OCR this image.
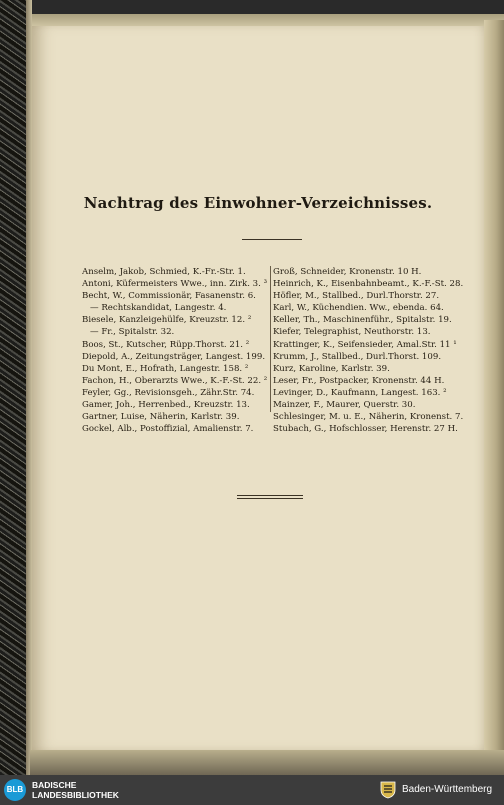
Nachtrag des Einwohner-Verzeichnisses.
Anselm, Jakob, Schmied, K.-Fr.-Str. 1.
Antoni, Küfermeisters Wwe., inn. Zirk. 3. ³
Becht, W., Commissionär, Fasanenstr. 6.
— Rechtskandidat, Langestr. 4.
Biesele, Kanzleigehülfe, Kreuzstr. 12. ²
— Fr., Spitalstr. 32.
Boos, St., Kutscher, Rüpp.Thorst. 21. ²
Diepold, A., Zeitungsträger, Langest. 199.
Du Mont, E., Hofrath, Langestr. 158. ²
Fachon, H., Oberarzts Wwe., K.-F.-St. 22. ²
Feyler, Gg., Revisionsgeh., Zähr.Str. 74.
Gamer, Joh., Herrenbed., Kreuzstr. 13.
Gartner, Luise, Näherin, Karlstr. 39.
Gockel, Alb., Postoffizial, Amalienstr. 7.
Groß, Schneider, Kronenstr. 10 H.
Heinrich, K., Eisenbahnbeamt., K.-F.-St. 28.
Höfler, M., Stallbed., Durl.Thorstr. 27.
Karl, W., Küchendien. Ww., ebenda. 64.
Keller, Th., Maschinenführ., Spitalstr. 19.
Kiefer, Telegraphist, Neuthorstr. 13.
Krattinger, K., Seifensieder, Amal.Str. 11 ¹
Krumm, J., Stallbed., Durl.Thorst. 109.
Kurz, Karoline, Karlstr. 39.
Leser, Fr., Postpacker, Kronenstr. 44 H.
Levinger, D., Kaufmann, Langest. 163. ²
Mainzer, F., Maurer, Querstr. 30.
Schlesinger, M. u. E., Näherin, Kronenst. 7.
Stubach, G., Hofschlosser, Herenstr. 27 H.
BLB	BADISCHE
LANDESBIBLIOTHEK	Baden-Württemberg
